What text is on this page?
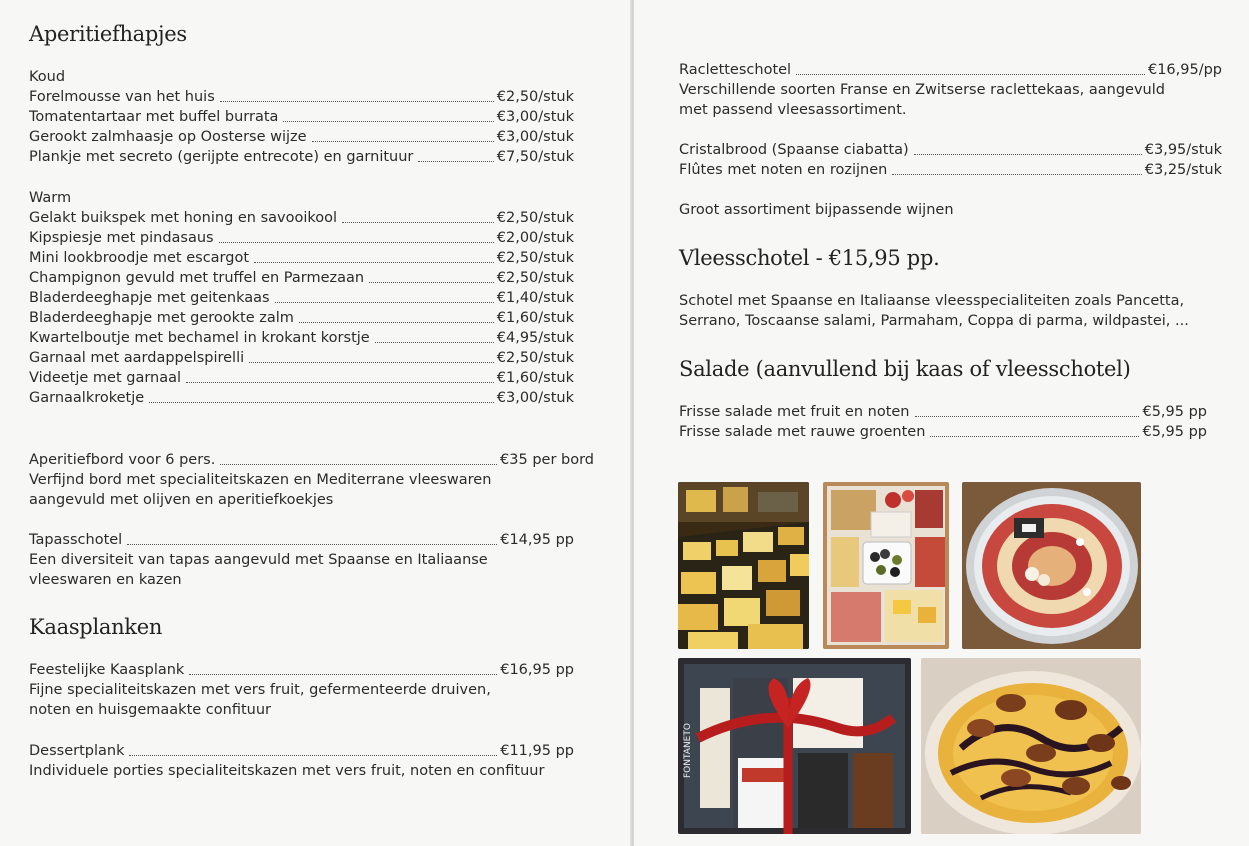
Aperitiefhapjes

Koud

Forelmousse van het huis	€2,50/stuk
Tomatentartaar met buffel burrata	€3,00/stuk
Gerookt zalmhaasje op Oosterse wijze	€3,00/stuk
Plankje met secreto (gerijpte entrecote) en garnituur	€7,50/stuk

Warm

Gelakt buikspek met honing en savooikool	€2,50/stuk
Kipspiesje met pindasaus	€2,00/stuk
Mini lookbroodje met escargot	€2,50/stuk
Champignon gevuld met truffel en Parmezaan	€2,50/stuk
Bladerdeeghapje met geitenkaas	€1,40/stuk
Bladerdeeghapje met gerookte zalm	€1,60/stuk
Kwartelboutje met bechamel in krokant korstje	€4,95/stuk
Garnaal met aardappelspirelli	€2,50/stuk
Videetje met garnaal	€1,60/stuk
Garnaalkroketje	€3,00/stuk
Aperitiefbord voor 6 pers.	€35 per bord

Verfijnd bord met specialiteitskazen en Mediterrane vleeswaren

aangevuld met olijven en aperitiefkoekjes

Tapasschotel	€14,95 pp

Een diversiteit van tapas aangevuld met Spaanse en Italiaanse

vleeswaren en kazen

Kaasplanken
Feestelijke Kaasplank	€16,95 pp

Fijne specialiteitskazen met vers fruit, gefermenteerde druiven,

noten en huisgemaakte confituur

Dessertplank	€11,95 pp

Individuele porties specialiteitskazen met vers fruit, noten en confituur

Racletteschotel	€16,95/pp

Verschillende soorten Franse en Zwitserse raclettekaas, aangevuld

met passend vleesassortiment.

Cristalbrood (Spaanse ciabatta)	€3,95/stuk
Flûtes met noten en rozijnen	€3,25/stuk

Groot assortiment bijpassende wijnen

Vleesschotel - €15,95 pp.

Schotel met Spaanse en Italiaanse vleesspecialiteiten zoals Pancetta,

Serrano, Toscaanse salami, Parmaham, Coppa di parma, wildpastei, ...

Salade (aanvullend bij kaas of vleesschotel)
Frisse salade met fruit en noten	€5,95 pp
Frisse salade met rauwe groenten	€5,95 pp
FONTANETO
